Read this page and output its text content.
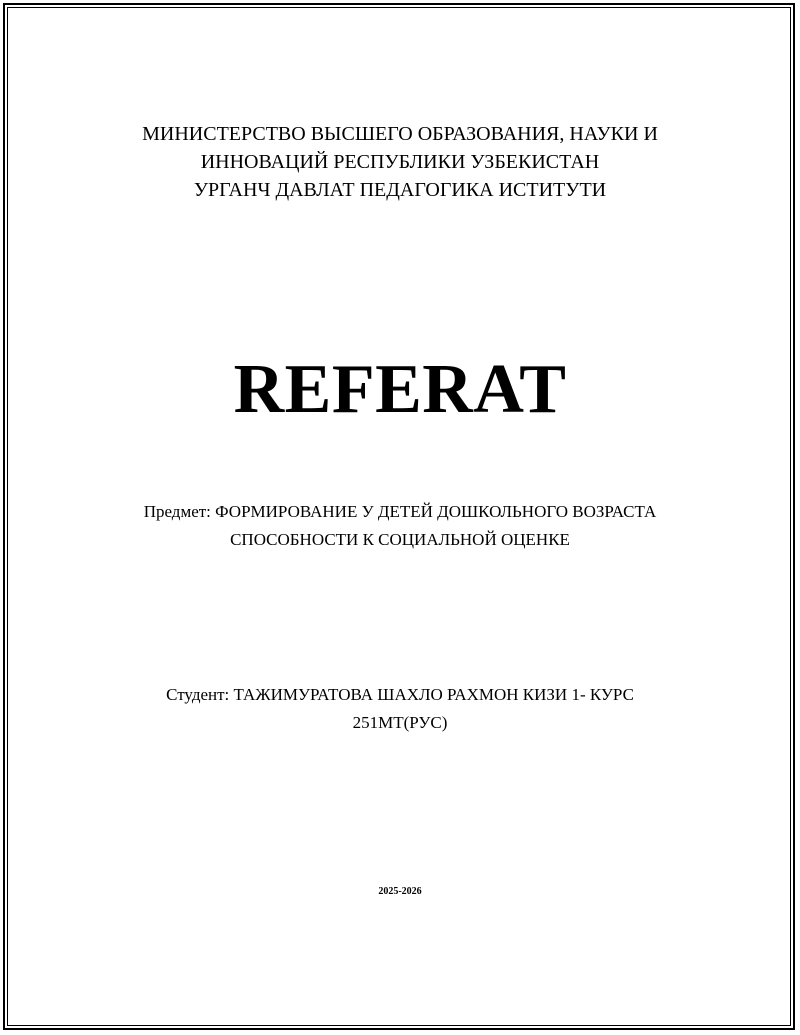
МИНИСТЕРСТВО ВЫСШЕГО ОБРАЗОВАНИЯ, НАУКИ И
ИННОВАЦИЙ РЕСПУБЛИКИ УЗБЕКИСТАН
УРГАНЧ ДАВЛАТ ПЕДАГОГИКА ИСТИТУТИ
REFERAT
Предмет: ФОРМИРОВАНИЕ У ДЕТЕЙ ДОШКОЛЬНОГО ВОЗРАСТА
СПОСОБНОСТИ К СОЦИАЛЬНОЙ ОЦЕНКЕ
Студент: ТАЖИМУРАТОВА ШАХЛО РАХМОН КИЗИ 1- КУРС
251МТ(РУС)
2025-2026
